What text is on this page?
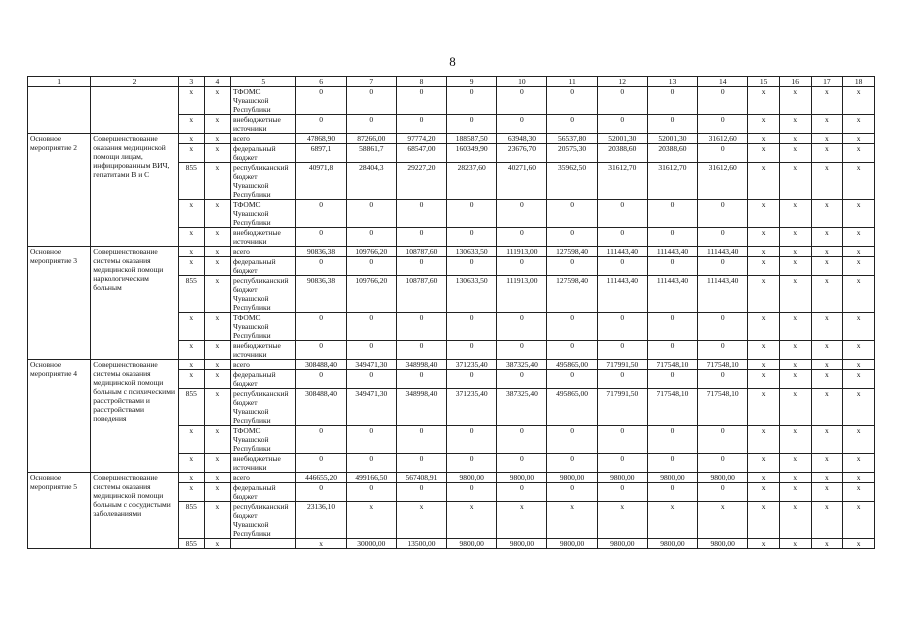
8
1	2	3	4	5	6	7	8	9	10	11	12	13	14	15	16	17	18
		x	x	ТФОМС Чувашской Республики	0	0	0	0	0	0	0	0	0	x	x	x	x
		x	x	внебюджетные источники	0	0	0	0	0	0	0	0	0	x	x	x	x
Основное мероприятие 2	Совершенствование оказания медицинской помощи лицам, инфицированным ВИЧ, гепатитами B и C	x	x	всего	47868,90	87266,00	97774,20	188587,50	63948,30	56537,80	52001,30	52001,30	31612,60	x	x	x	x
		x	x	федеральный бюджет	6897,1	58861,7	68547,00	160349,90	23676,70	20575,30	20388,60	20388,60	0	x	x	x	x
		855	x	республиканский бюджет Чувашской Республики	40971,8	28404,3	29227,20	28237,60	40271,60	35962,50	31612,70	31612,70	31612,60	x	x	x	x
		x	x	ТФОМС Чувашской Республики	0	0	0	0	0	0	0	0	0	x	x	x	x
		x	x	внебюджетные источники	0	0	0	0	0	0	0	0	0	x	x	x	x
Основное мероприятие 3	Совершенствование системы оказания медицинской помощи наркологическим больным	x	x	всего	90836,38	109766,20	108787,60	130633,50	111913,00	127598,40	111443,40	111443,40	111443,40	x	x	x	x
		x	x	федеральный бюджет	0	0	0	0	0	0	0	0	0	x	x	x	x
		855	x	республиканский бюджет Чувашской Республики	90836,38	109766,20	108787,60	130633,50	111913,00	127598,40	111443,40	111443,40	111443,40	x	x	x	x
		x	x	ТФОМС Чувашской Республики	0	0	0	0	0	0	0	0	0	x	x	x	x
		x	x	внебюджетные источники	0	0	0	0	0	0	0	0	0	x	x	x	x
Основное мероприятие 4	Совершенствование системы оказания медицинской помощи больным с психическими расстройствами и расстройствами поведения	x	x	всего	308488,40	349471,30	348998,40	371235,40	387325,40	495865,00	717991,50	717548,10	717548,10	x	x	x	x
		x	x	федеральный бюджет	0	0	0	0	0	0	0	0	0	x	x	x	x
		855	x	республиканский бюджет Чувашской Республики	308488,40	349471,30	348998,40	371235,40	387325,40	495865,00	717991,50	717548,10	717548,10	x	x	x	x
		x	x	ТФОМС Чувашской Республики	0	0	0	0	0	0	0	0	0	x	x	x	x
		x	x	внебюджетные источники	0	0	0	0	0	0	0	0	0	x	x	x	x
Основное мероприятие 5	Совершенствование системы оказания медицинской помощи больным с сосудистыми заболеваниями	x	x	всего	446655,20	499166,50	567408,91	9800,00	9800,00	9800,00	9800,00	9800,00	9800,00	x	x	x	x
		x	x	федеральный бюджет	0	0	0	0	0	0	0	0	0	x	x	x	x
		855	x	республиканский бюджет Чувашской Республики	23136,10	x	x	x	x	x	x	x	x	x	x	x	x
		855	x		x	30000,00	13500,00	9800,00	9800,00	9800,00	9800,00	9800,00	9800,00	x	x	x	x
